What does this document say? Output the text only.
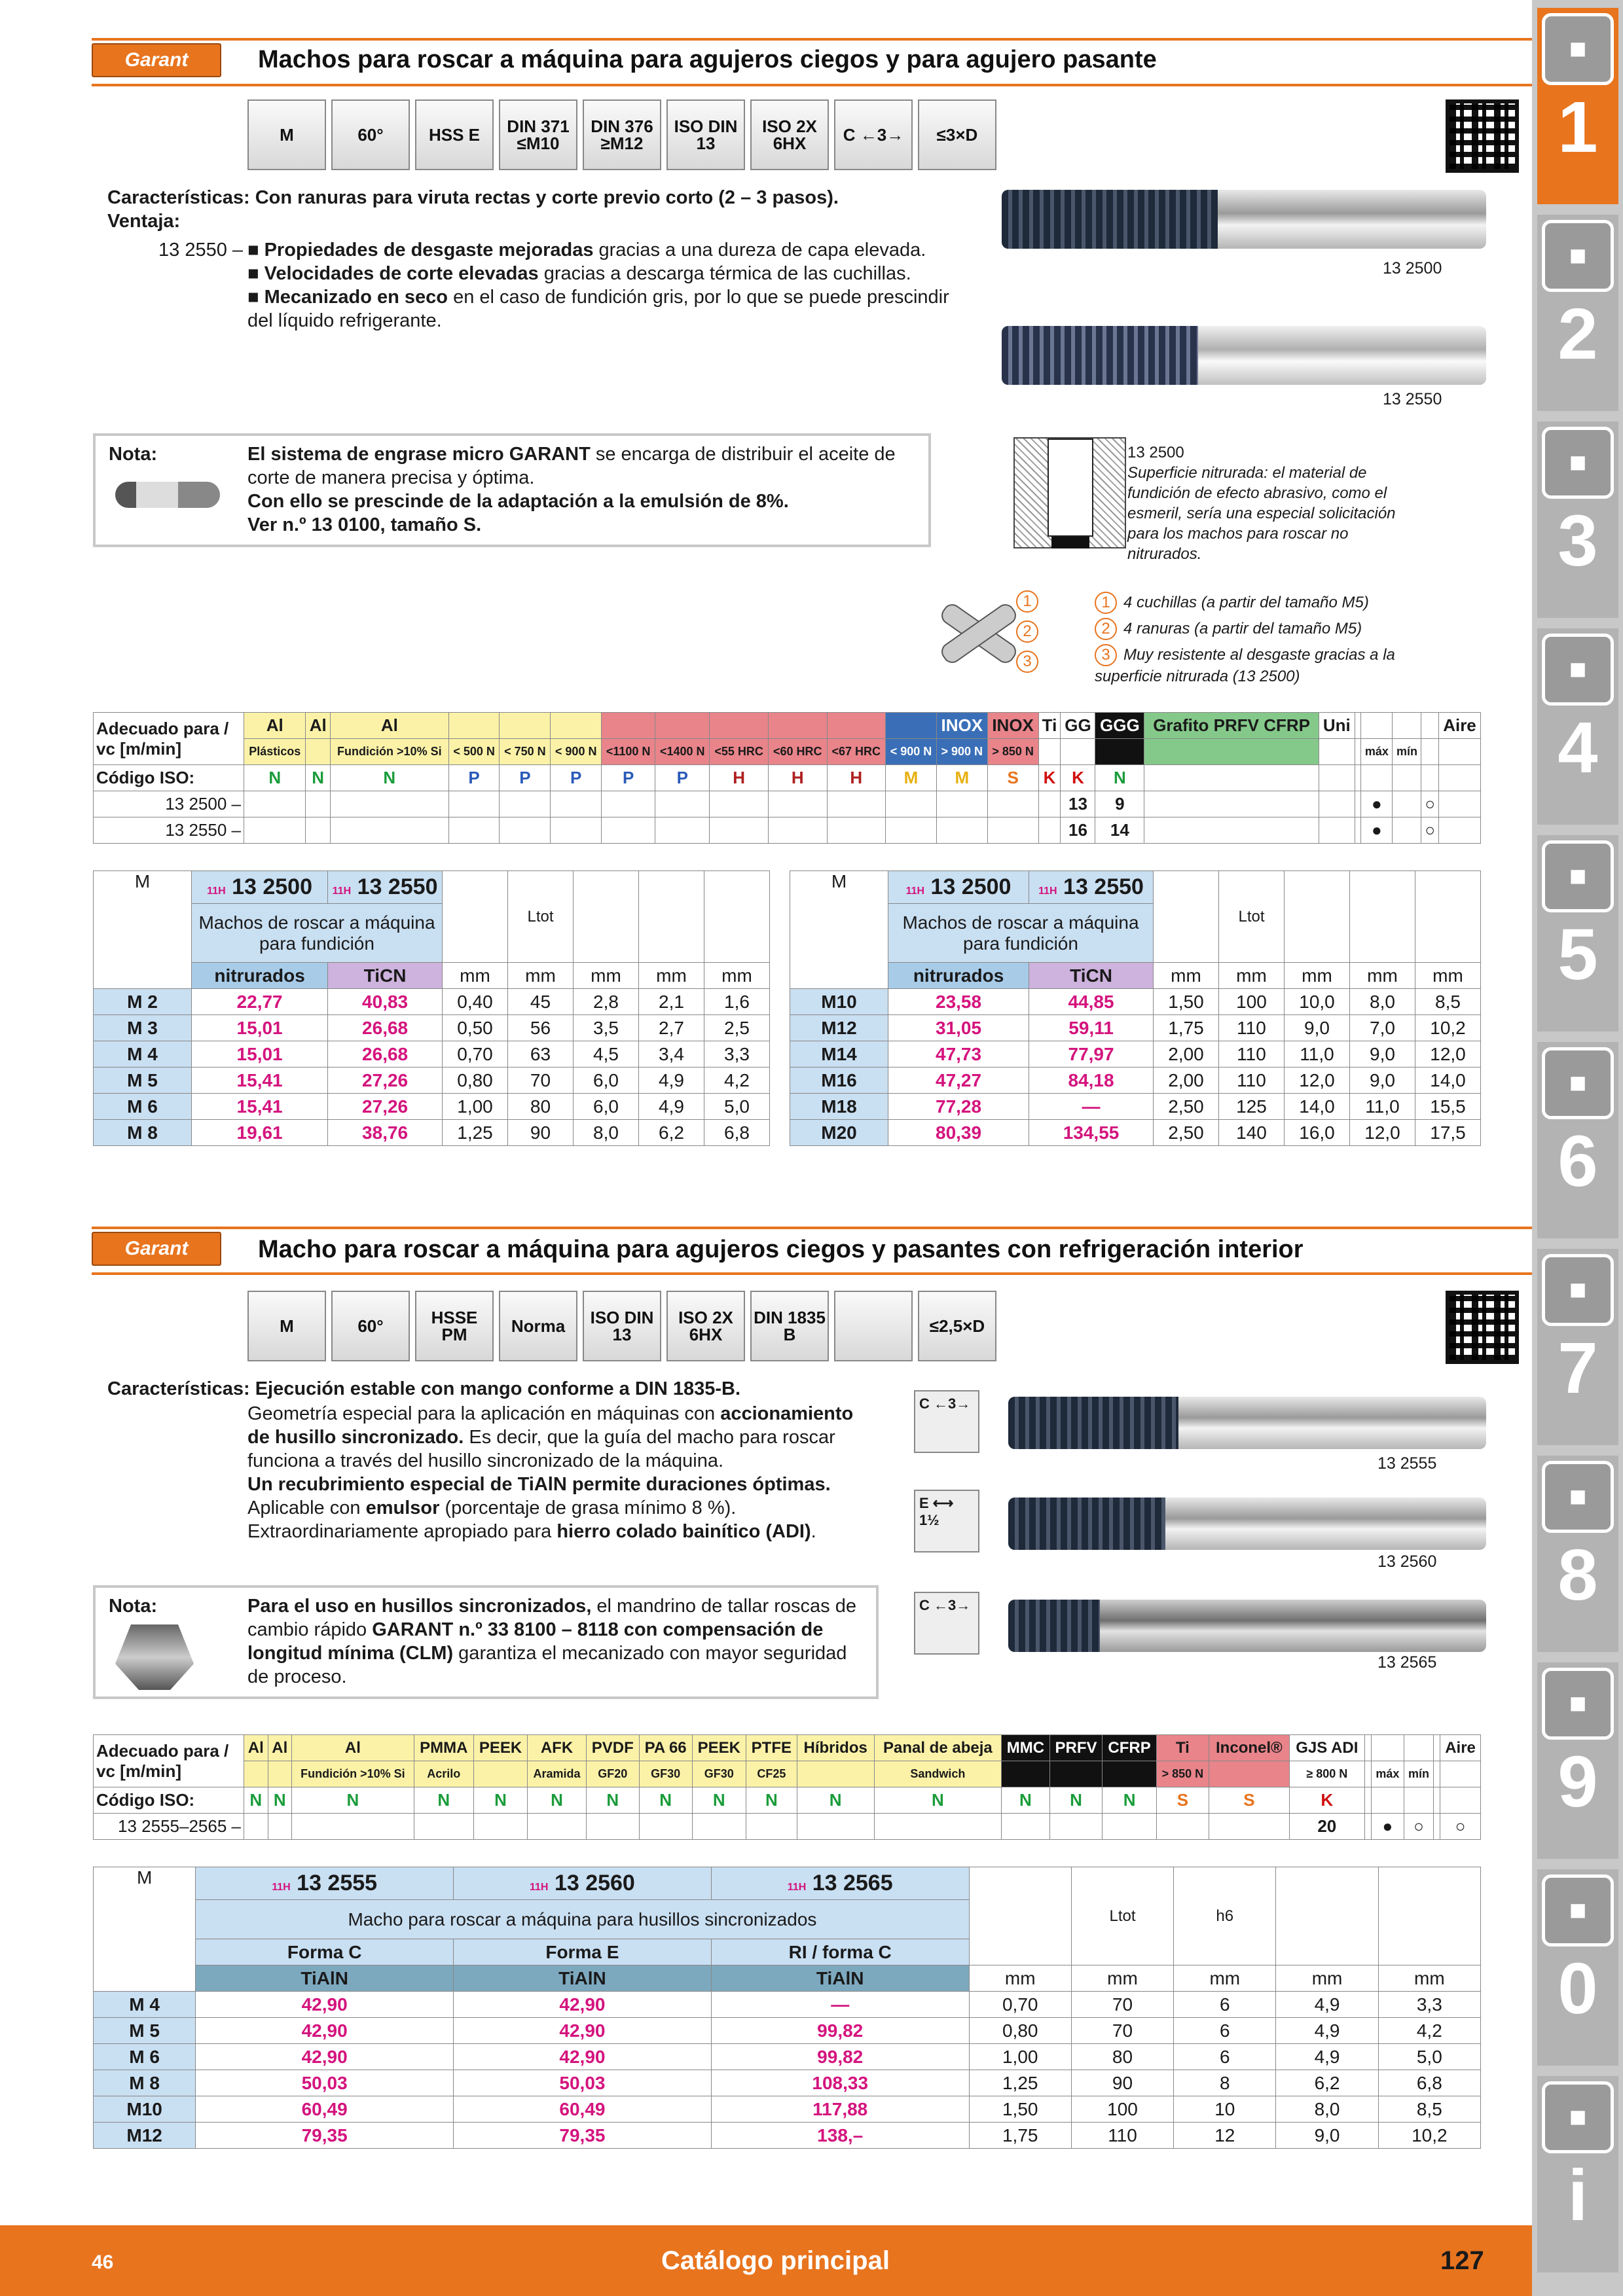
Garant	Machos para roscar a máquina para agujeros ciegos y para agujero pasante
M	60°	HSS E	DIN 371 ≤M10
DIN 376 ≥M12
ISO DIN 13
ISO 2X 6HX	C ←3→	≤3×D
Características: Con ranuras para viruta rectas y corte previo corto (2 – 3 pasos).
Ventaja:
13 2550 – ■ Propiedades de desgaste mejoradas gracias a una dureza de capa elevada.
■ Velocidades de corte elevadas gracias a descarga térmica de las cuchillas.
■ Mecanizado en seco en el caso de fundición gris, por lo que se puede prescindir del líquido refrigerante.
13 2500
13 2550
Nota:	El sistema de engrase micro GARANT se encarga de distribuir el aceite de corte de manera precisa y óptima.
Con ello se prescinde de la adaptación a la emulsión de 8%.
Ver n.º 13 0100, tamaño S.
13 2500
Superficie nitrurada: el material de fundición de efecto abrasivo, como el esmeril, sería una especial solicitación para los machos para roscar no nitrurados.
1 2 3
1 4 cuchillas (a partir del tamaño M5)
2 4 ranuras (a partir del tamaño M5)
3 Muy resistente al desgaste gracias a la superficie nitrurada (13 2500)
Adecuado para / vc [m/min]	Al	Al	Al										INOX	INOX	Ti	GG	GGG	Grafito PRFV CFRP	Uni					Aire
	Plásticos		Fundición >10% Si	< 500 N	< 750 N	< 900 N	<1100 N	<1400 N	<55 HRC	<60 HRC	<67 HRC	< 900 N	> 900 N	> 850 N							máx	mín		
Código ISO:	N	N	N	P	P	P	P	P	H	H	H	M	M	S	K	K	N							
13 2500 –																13	9				●		○	
13 2550 –																16	14				●		○	
M	11H 13 2500	11H 13 2550		Ltot			
	Machos de roscar a máquina para fundición						
	nitrurados	TiCN	mm	mm	mm	mm	mm
M 2	22,77	40,83	0,40	45	2,8	2,1	1,6
M 3	15,01	26,68	0,50	56	3,5	2,7	2,5
M 4	15,01	26,68	0,70	63	4,5	3,4	3,3
M 5	15,41	27,26	0,80	70	6,0	4,9	4,2
M 6	15,41	27,26	1,00	80	6,0	4,9	5,0
M 8	19,61	38,76	1,25	90	8,0	6,2	6,8
M	11H 13 2500	11H 13 2550		Ltot			
	Machos de roscar a máquina para fundición						
	nitrurados	TiCN	mm	mm	mm	mm	mm
M10	23,58	44,85	1,50	100	10,0	8,0	8,5
M12	31,05	59,11	1,75	110	9,0	7,0	10,2
M14	47,73	77,97	2,00	110	11,0	9,0	12,0
M16	47,27	84,18	2,00	110	12,0	9,0	14,0
M18	77,28	—	2,50	125	14,0	11,0	15,5
M20	80,39	134,55	2,50	140	16,0	12,0	17,5
Garant	Macho para roscar a máquina para agujeros ciegos y pasantes con refrigeración interior
M	60°	HSSE PM	Norma	ISO DIN 13
ISO 2X 6HX
DIN 1835 B	≤2,5×D
Características: Ejecución estable con mango conforme a DIN 1835-B.
Geometría especial para la aplicación en máquinas con accionamiento de husillo sincronizado. Es decir, que la guía del macho para roscar funciona a través del husillo sincronizado de la máquina.
Un recubrimiento especial de TiAlN permite duraciones óptimas.
Aplicable con emulsor (porcentaje de grasa mínimo 8 %).
Extraordinariamente apropiado para hierro colado bainítico (ADI).
C ←3→
E ⟷ 1½
C ←3→
13 2555
13 2560
13 2565
Nota:	Para el uso en husillos sincronizados, el mandrino de tallar roscas de cambio rápido GARANT n.º 33 8100 – 8118 con compensación de longitud mínima (CLM) garantiza el mecanizado con mayor seguridad de proceso.
Adecuado para / vc [m/min]	Al	Al	Al	PMMA	PEEK	AFK	PVDF	PA 66	PEEK	PTFE	Híbridos	Panal de abeja	MMC	PRFV	CFRP	Ti	Inconel®	GJS ADI					Aire
			Fundición >10% Si	Acrilo		Aramida	GF20	GF30	GF30	CF25		Sandwich				> 850 N		≥ 800 N		máx	mín		
Código ISO:	N	N	N	N	N	N	N	N	N	N	N	N	N	N	N	S	S	K					
13 2555–2565 –																		20		●	○		○
M	11H 13 2555	11H 13 2560	11H 13 2565		Ltot	h6		
	Macho para roscar a máquina para husillos sincronizados							
	Forma C	Forma E	RI / forma C					
	TiAlN	TiAlN	TiAlN	mm	mm	mm	mm	mm
M 4	42,90	42,90	—	0,70	70	6	4,9	3,3
M 5	42,90	42,90	99,82	0,80	70	6	4,9	4,2
M 6	42,90	42,90	99,82	1,00	80	6	4,9	5,0
M 8	50,03	50,03	108,33	1,25	90	8	6,2	6,8
M10	60,49	60,49	117,88	1,50	100	10	8,0	8,5
M12	79,35	79,35	138,–	1,75	110	12	9,0	10,2
46	Catálogo principal	127
■
1
■
2
■
3
■
4
■
5
■
6
■
7
■
8
■
9
■
0
■
i
